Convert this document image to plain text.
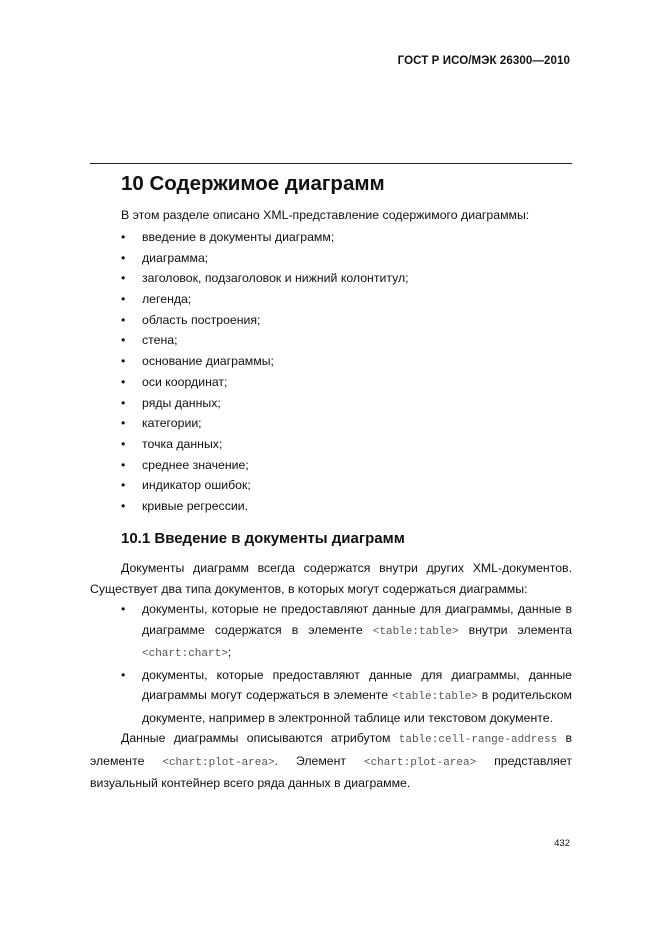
ГОСТ Р ИСО/МЭК 26300—2010
10 Содержимое диаграмм
В этом разделе описано XML-представление содержимого диаграммы:
• введение в документы диаграмм;
• диаграмма;
• заголовок, подзаголовок и нижний колонтитул;
• легенда;
• область построения;
• стена;
• основание диаграммы;
• оси координат;
• ряды данных;
• категории;
• точка данных;
• среднее значение;
• индикатор ошибок;
• кривые регрессии.
10.1 Введение в документы диаграмм

Документы диаграмм всегда содержатся внутри других XML-документов. Существует два типа документов, в которых могут содержаться диаграммы:

• документы, которые не предоставляют данные для диаграммы, данные в диаграмме содержатся в элементе <table:table> внутри элемента <chart:chart>;
• документы, которые предоставляют данные для диаграммы, данные диаграммы могут содержаться в элементе <table:table> в родительском документе, например в электронной таблице или текстовом документе.

Данные диаграммы описываются атрибутом table:cell-range-address в элементе <chart:plot-area>. Элемент <chart:plot-area> представляет визуальный контейнер всего ряда данных в диаграмме.

432
